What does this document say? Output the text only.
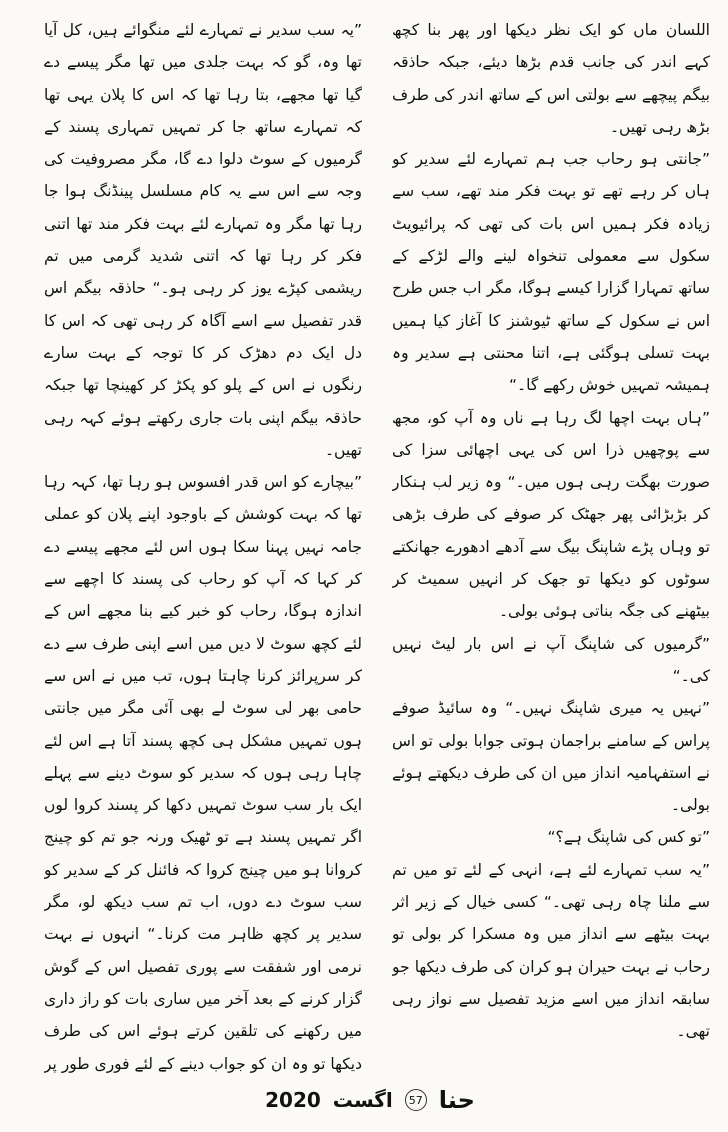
اللسان ماں کو ایک نظر دیکھا اور پھر بنا کچھ کہے اندر کی جانب قدم بڑھا دیئے، جبکہ حاذقہ بیگم پیچھے سے بولتی اس کے ساتھ اندر کی طرف بڑھ رہی تھیں۔

”جانتی ہو رحاب جب ہم تمہارے لئے سدیر کو ہاں کر رہے تھے تو بہت فکر مند تھے، سب سے زیادہ فکر ہمیں اس بات کی تھی کہ پرائیویٹ سکول سے معمولی تنخواہ لینے والے لڑکے کے ساتھ تمہارا گزارا کیسے ہوگا، مگر اب جس طرح اس نے سکول کے ساتھ ٹیوشنز کا آغاز کیا ہمیں بہت تسلی ہوگئی ہے، اتنا محنتی ہے سدیر وہ ہمیشہ تمہیں خوش رکھے گا۔“

”ہاں بہت اچھا لگ رہا ہے ناں وہ آپ کو، مجھ سے پوچھیں ذرا اس کی یہی اچھائی سزا کی صورت بھگت رہی ہوں میں۔“ وہ زیر لب ہنکار کر بڑبڑائی پھر جھٹک کر صوفے کی طرف بڑھی تو وہاں پڑے شاپنگ بیگ سے آدھے ادھورے جھانکتے سوٹوں کو دیکھا تو جھک کر انہیں سمیٹ کر بیٹھنے کی جگہ بناتی ہوئی بولی۔

”گرمیوں کی شاپنگ آپ نے اس بار لیٹ نہیں کی۔“

”نہیں یہ میری شاپنگ نہیں۔“ وہ سائیڈ صوفے پراس کے سامنے براجمان ہوتی جوابا بولی تو اس نے استفہامیہ انداز میں ان کی طرف دیکھتے ہوئے بولی۔

”تو کس کی شاپنگ ہے؟“

”یہ سب تمہارے لئے ہے، انہی کے لئے تو میں تم سے ملنا چاہ رہی تھی۔“ کسی خیال کے زیر اثر بہت بیٹھے سے انداز میں وہ مسکرا کر بولی تو رحاب نے بہت حیران ہو کران کی طرف دیکھا جو سابقہ انداز میں اسے مزید تفصیل سے نواز رہی تھی۔

”یہ سب سدیر نے تمہارے لئے منگوائے ہیں، کل آیا تھا وہ، گو کہ بہت جلدی میں تھا مگر پیسے دے گیا تھا مجھے، بتا رہا تھا کہ اس کا پلان یہی تھا کہ تمہارے ساتھ جا کر تمہیں تمہاری پسند کے گرمیوں کے سوٹ دلوا دے گا، مگر مصروفیت کی وجہ سے اس سے یہ کام مسلسل پینڈنگ ہوا جا رہا تھا مگر وہ تمہارے لئے بہت فکر مند تھا اتنی فکر کر رہا تھا کہ اتنی شدید گرمی میں تم ریشمی کپڑے یوز کر رہی ہو۔“ حاذقہ بیگم اس قدر تفصیل سے اسے آگاہ کر رہی تھی کہ اس کا دل ایک دم دھڑک کر کا توجہ کے بہت سارے رنگوں نے اس کے پلو کو پکڑ کر کھینچا تھا جبکہ حاذقہ بیگم اپنی بات جاری رکھتے ہوئے کہہ رہی تھیں۔

”بیچارے کو اس قدر افسوس ہو رہا تھا، کہہ رہا تھا کہ بہت کوشش کے باوجود اپنے پلان کو عملی جامہ نہیں پہنا سکا ہوں اس لئے مجھے پیسے دے کر کہا کہ آپ کو رحاب کی پسند کا اچھے سے اندازہ ہوگا، رحاب کو خبر کیے بنا مجھے اس کے لئے کچھ سوٹ لا دیں میں اسے اپنی طرف سے دے کر سرپرائز کرنا چاہتا ہوں، تب میں نے اس سے حامی بھر لی سوٹ لے بھی آئی مگر میں جانتی ہوں تمہیں مشکل ہی کچھ پسند آتا ہے اس لئے چاہا رہی ہوں کہ سدیر کو سوٹ دینے سے پہلے ایک بار سب سوٹ تمہیں دکھا کر پسند کروا لوں اگر تمہیں پسند ہے تو ٹھیک ورنہ جو تم کو چینج کروانا ہو میں چینج کروا کہ فائنل کر کے سدیر کو سب سوٹ دے دوں، اب تم سب دیکھ لو، مگر سدیر پر کچھ ظاہر مت کرنا۔“ انہوں نے بہت نرمی اور شفقت سے پوری تفصیل اس کے گوش گزار کرنے کے بعد آخر میں ساری بات کو راز داری میں رکھنے کی تلقین کرتے ہوئے اس کی طرف دیکھا تو وہ ان کو جواب دینے کے لئے فوری طور پر

حنا
57
اگست
2020
